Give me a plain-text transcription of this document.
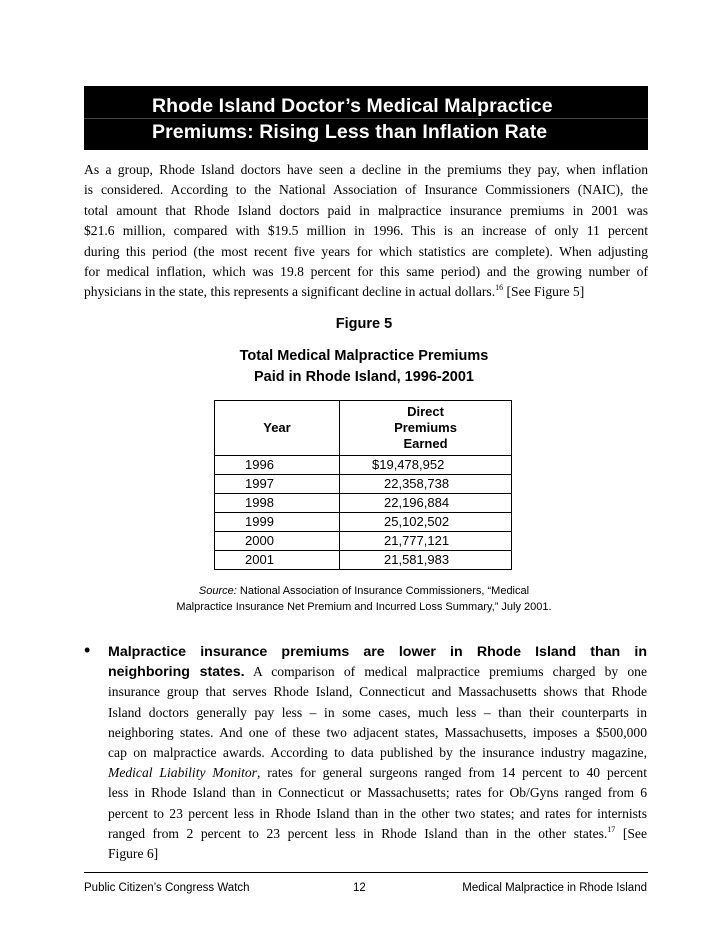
Rhode Island Doctor’s Medical Malpractice
Premiums: Rising Less than Inflation Rate
As a group, Rhode Island doctors have seen a decline in the premiums they pay, when inflation
is considered. According to the National Association of Insurance Commissioners (NAIC), the
total amount that Rhode Island doctors paid in malpractice insurance premiums in 2001 was
$21.6 million, compared with $19.5 million in 1996. This is an increase of only 11 percent
during this period (the most recent five years for which statistics are complete). When adjusting
for medical inflation, which was 19.8 percent for this same period) and the growing number of
physicians in the state, this represents a significant decline in actual dollars.$^{16}$ [See Figure 5]
Figure 5
Total Medical Malpractice Premiums
Paid in Rhode Island, 1996-2001
Year	Direct
Premiums
Earned
1996	$19,478,952
1997	22,358,738
1998	22,196,884
1999	25,102,502
2000	21,777,121
2001	21,581,983
Source: National Association of Insurance Commissioners, “Medical
Malpractice Insurance Net Premium and Incurred Loss Summary,” July 2001.
• Malpractice insurance premiums are lower in Rhode Island than in
neighboring states. A comparison of medical malpractice premiums charged by one
insurance group that serves Rhode Island, Connecticut and Massachusetts shows that Rhode
Island doctors generally pay less – in some cases, much less – than their counterparts in
neighboring states. And one of these two adjacent states, Massachusetts, imposes a $500,000
cap on malpractice awards. According to data published by the insurance industry magazine,
Medical Liability Monitor, rates for general surgeons ranged from 14 percent to 40 percent
less in Rhode Island than in Connecticut or Massachusetts; rates for Ob/Gyns ranged from 6
percent to 23 percent less in Rhode Island than in the other two states; and rates for internists
ranged from 2 percent to 23 percent less in Rhode Island than in the other states.$^{17}$ [See
Figure 6]
Public Citizen’s Congress Watch	12	Medical Malpractice in Rhode Island
